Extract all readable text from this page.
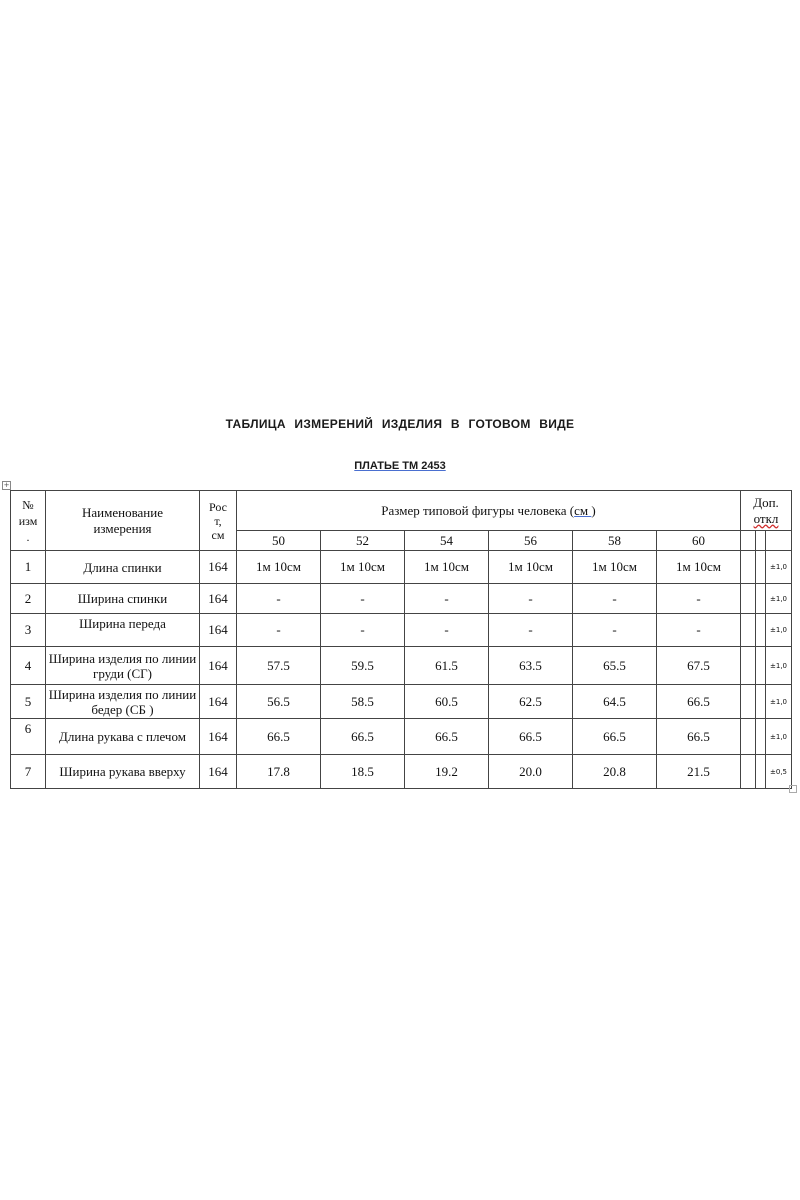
ТАБЛИЦА ИЗМЕРЕНИЙ ИЗДЕЛИЯ В ГОТОВОМ ВИДЕ
ПЛАТЬЕ ТМ 2453
+
№
изм
.	Наименование
измерения	Рос
т,
см	Размер типовой фигуры человека (см )						Доп.
откл		
			50	52	54	56	58	60			
1	Длина спинки	164	1м 10см	1м 10см	1м 10см	1м 10см	1м 10см	1м 10см			±1,0
2	Ширина спинки	164	-	-	-	-	-	-			±1,0
3	Ширина переда	164	-	-	-	-	-	-			±1,0
4	Ширина изделия по линии груди (СГ)	164	57.5	59.5	61.5	63.5	65.5	67.5			±1,0
5	Ширина изделия по линии бедер (СБ )	164	56.5	58.5	60.5	62.5	64.5	66.5			±1,0
6	Длина рукава с плечом	164	66.5	66.5	66.5	66.5	66.5	66.5			±1,0
7	Ширина рукава вверху	164	17.8	18.5	19.2	20.0	20.8	21.5			±0,5
